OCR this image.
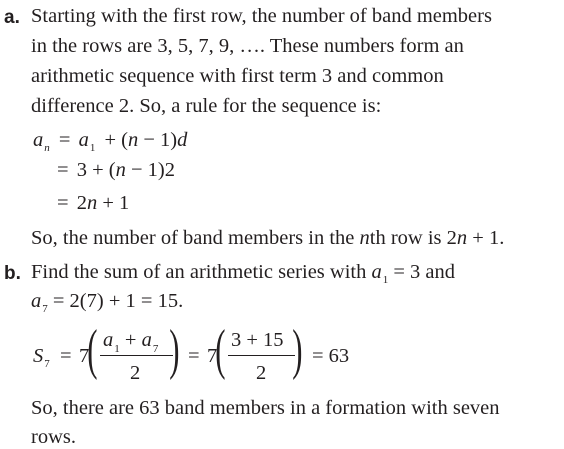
a. Starting with the first row, the number of band members
in the rows are 3, 5, 7, 9, …. These numbers form an
arithmetic sequence with first term 3 and common
difference 2. So, a rule for the sequence is:
$a_n = a_1 + (n - 1)d$
= 3 + (n − 1)2
= 2n + 1
So, the number of band members in the nth row is 2n + 1.
b. Find the sum of an arithmetic series with $a_1 = 3$ and
$a_7 = 2(7) + 1 = 15$.
$S_7 = 7$
( $a_1 + a_7$
2 ) = 7
( 3 + 15
2 ) = 63
So, there are 63 band members in a formation with seven
rows.
